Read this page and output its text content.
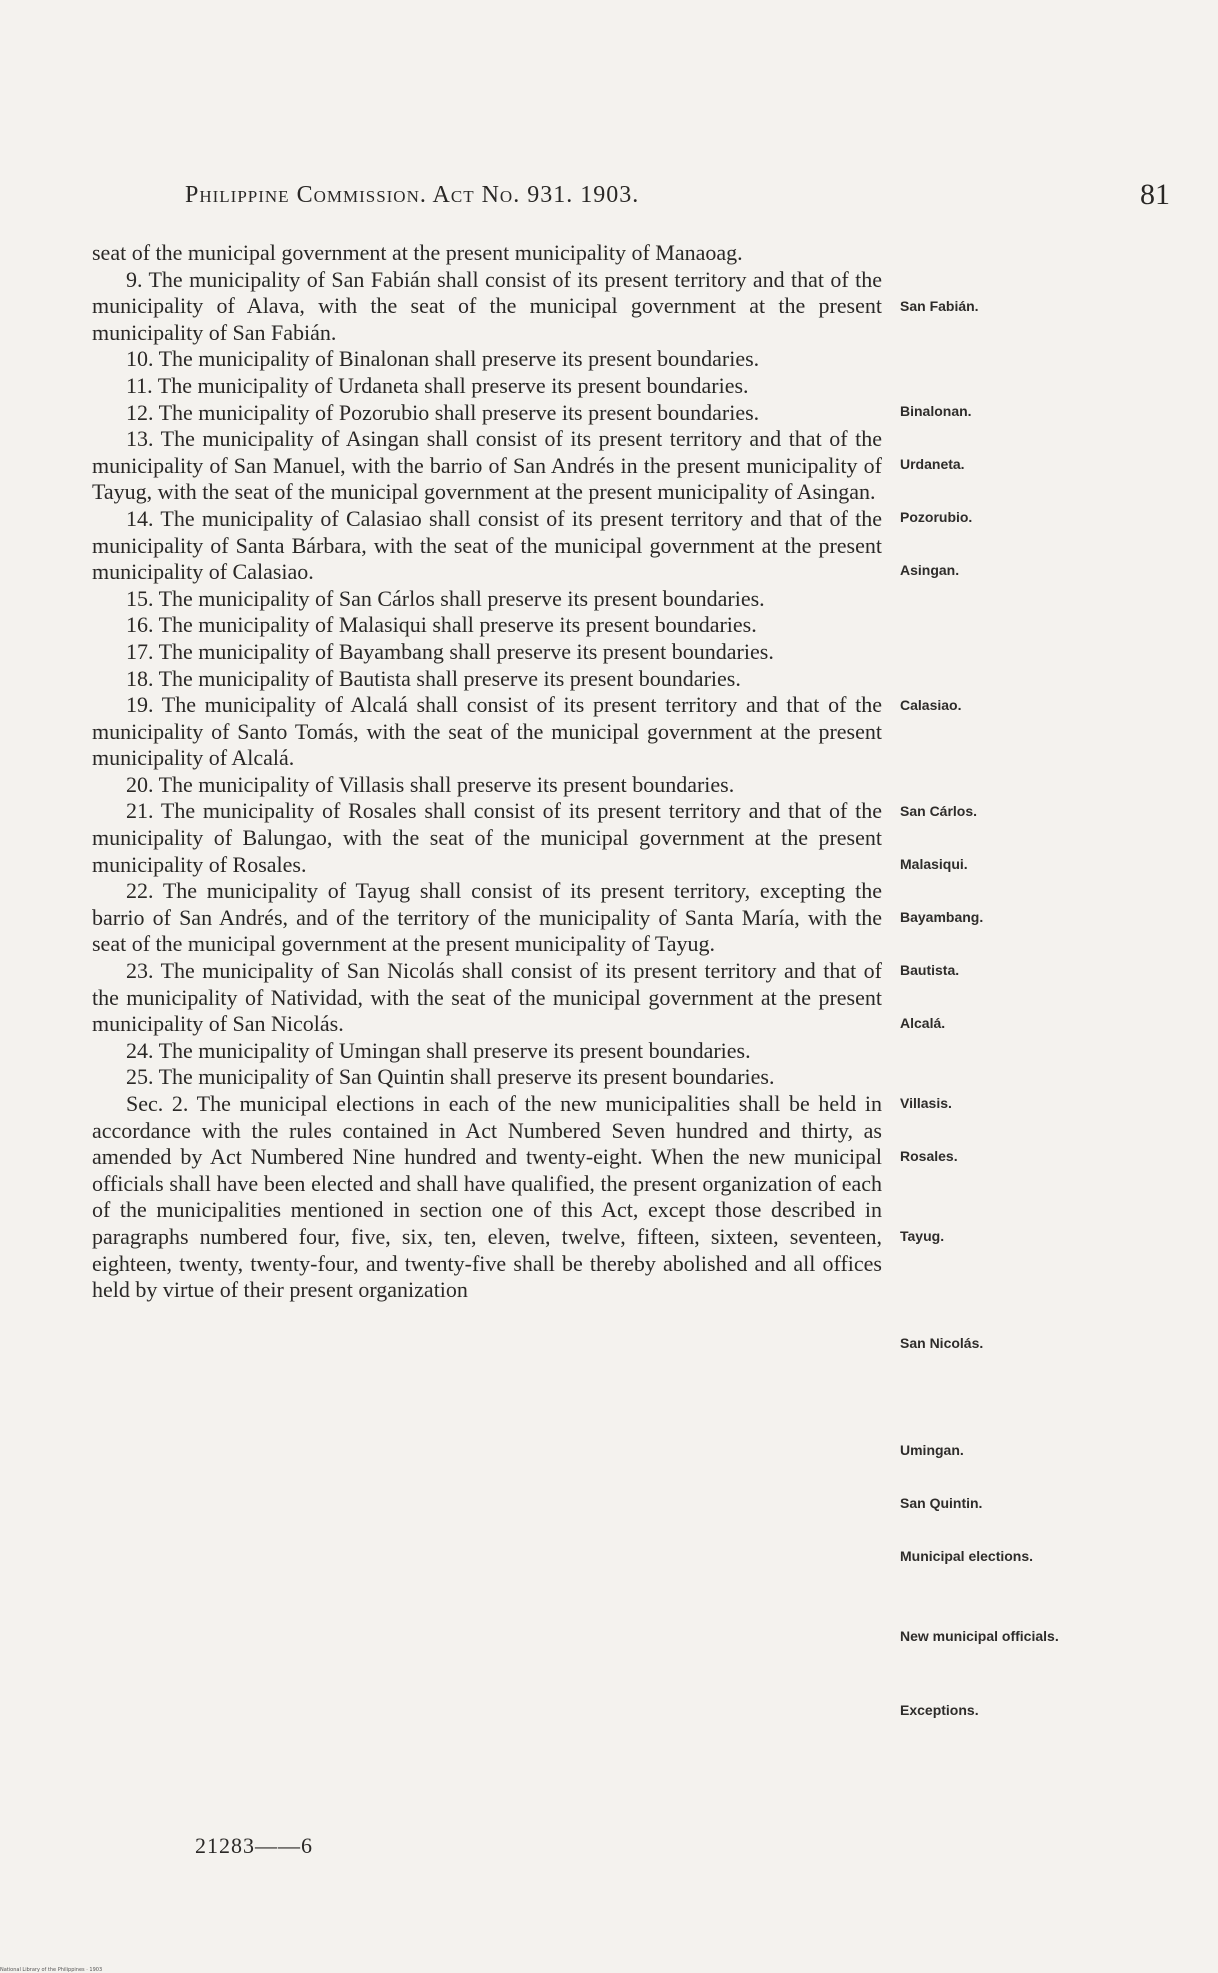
Philippine Commission. Act No. 931. 1903.	81

seat of the municipal government at the present municipality of Manaoag.

9. The municipality of San Fabián shall consist of its present territory and that of the municipality of Alava, with the seat of the municipal government at the present municipality of San Fabián.

10. The municipality of Binalonan shall preserve its present boundaries.

11. The municipality of Urdaneta shall preserve its present boundaries.

12. The municipality of Pozorubio shall preserve its present boundaries.

13. The municipality of Asingan shall consist of its present territory and that of the municipality of San Manuel, with the barrio of San Andrés in the present municipality of Tayug, with the seat of the municipal government at the present municipality of Asingan.

14. The municipality of Calasiao shall consist of its present territory and that of the municipality of Santa Bárbara, with the seat of the municipal government at the present municipality of Calasiao.

15. The municipality of San Cárlos shall preserve its present boundaries.

16. The municipality of Malasiqui shall preserve its present boundaries.

17. The municipality of Bayambang shall preserve its present boundaries.

18. The municipality of Bautista shall preserve its present boundaries.

19. The municipality of Alcalá shall consist of its present territory and that of the municipality of Santo Tomás, with the seat of the municipal government at the present municipality of Alcalá.

20. The municipality of Villasis shall preserve its present boundaries.

21. The municipality of Rosales shall consist of its present territory and that of the municipality of Balungao, with the seat of the municipal government at the present municipality of Rosales.

22. The municipality of Tayug shall consist of its present territory, excepting the barrio of San Andrés, and of the territory of the municipality of Santa María, with the seat of the municipal government at the present municipality of Tayug.

23. The municipality of San Nicolás shall consist of its present territory and that of the municipality of Natividad, with the seat of the municipal government at the present municipality of San Nicolás.

24. The municipality of Umingan shall preserve its present boundaries.

25. The municipality of San Quintin shall preserve its present boundaries.

Sec. 2. The municipal elections in each of the new municipalities shall be held in accordance with the rules contained in Act Numbered Seven hundred and thirty, as amended by Act Numbered Nine hundred and twenty-eight. When the new municipal officials shall have been elected and shall have qualified, the present organization of each of the municipalities mentioned in section one of this Act, except those described in paragraphs numbered four, five, six, ten, eleven, twelve, fifteen, sixteen, seventeen, eighteen, twenty, twenty-four, and twenty-five shall be thereby abolished and all offices held by virtue of their present organization

San Fabián.
Binalonan.
Urdaneta.
Pozorubio.
Asingan.
Calasiao.
San Cárlos.
Malasiqui.
Bayambang.
Bautista.
Alcalá.
Villasis.
Rosales.
Tayug.
San Nicolás.
Umingan.
San Quintin.
Municipal elections.
New municipal officials.
Exceptions.
21283——6
National Library of the Philippines · 1903
